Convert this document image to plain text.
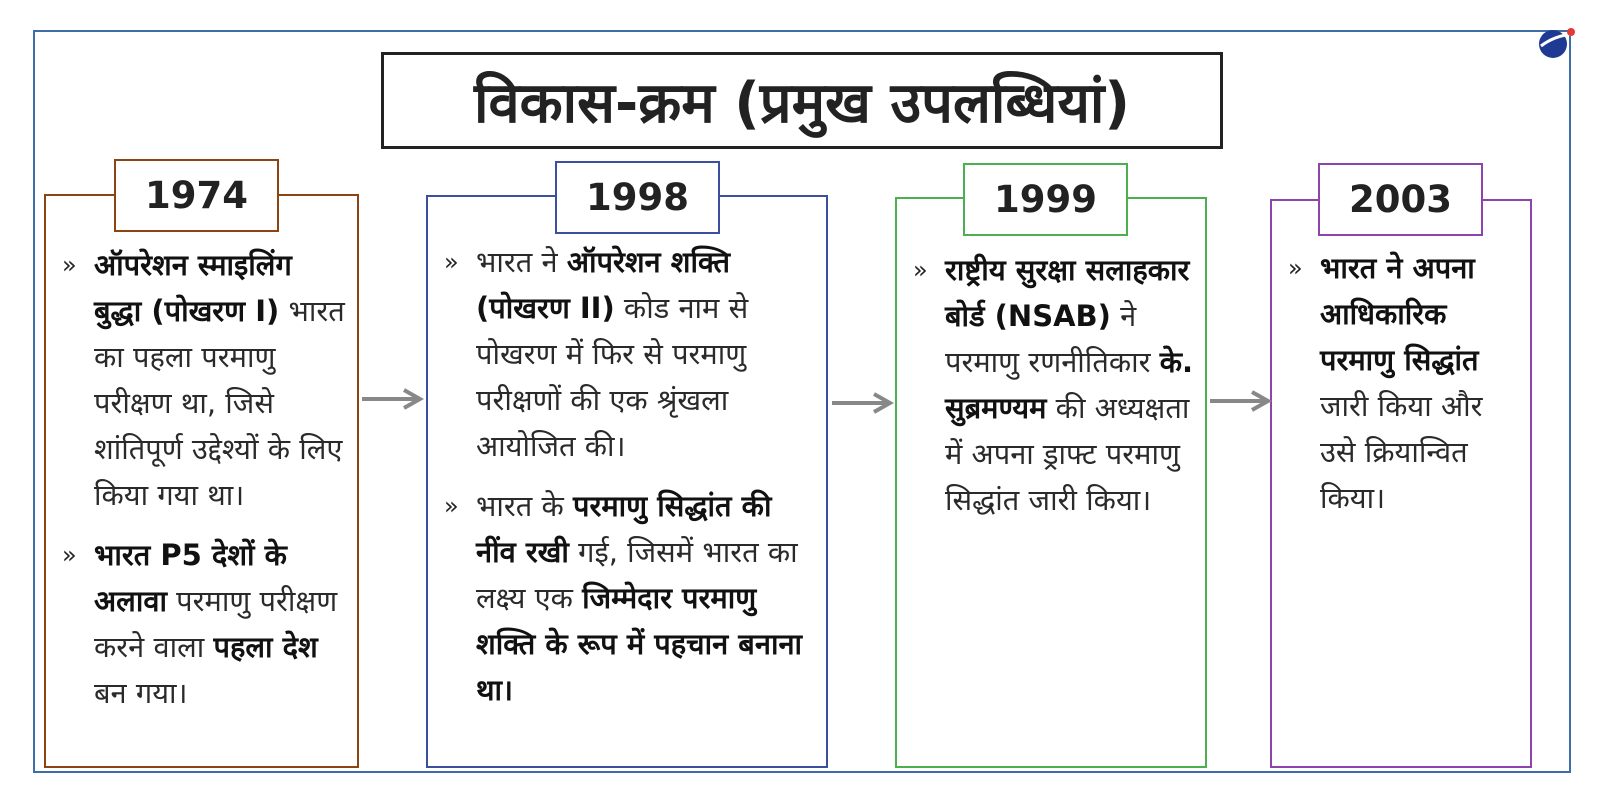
विकास-क्रम (प्रमुख उपलब्धियां)
» ऑपरेशन स्माइलिंग बुद्धा (पोखरण I) भारत का पहला परमाणु परीक्षण था, जिसे शांतिपूर्ण उद्देश्यों के लिए किया गया था।
» भारत P5 देशों के अलावा परमाणु परीक्षण करने वाला पहला देश बन गया।
1974
» भारत ने ऑपरेशन शक्ति (पोखरण II) कोड नाम से पोखरण में फिर से परमाणु परीक्षणों की एक श्रृंखला आयोजित की।
» भारत के परमाणु सिद्धांत की नींव रखी गई, जिसमें भारत का लक्ष्य एक जिम्मेदार परमाणु शक्ति के रूप में पहचान बनाना था।
1998
» राष्ट्रीय सुरक्षा सलाहकार बोर्ड (NSAB) ने परमाणु रणनीतिकार के. सुब्रमण्यम की अध्यक्षता में अपना ड्राफ्ट परमाणु सिद्धांत जारी किया।
1999
» भारत ने अपना आधिकारिक परमाणु सिद्धांत जारी किया और उसे क्रियान्वित किया।
2003
